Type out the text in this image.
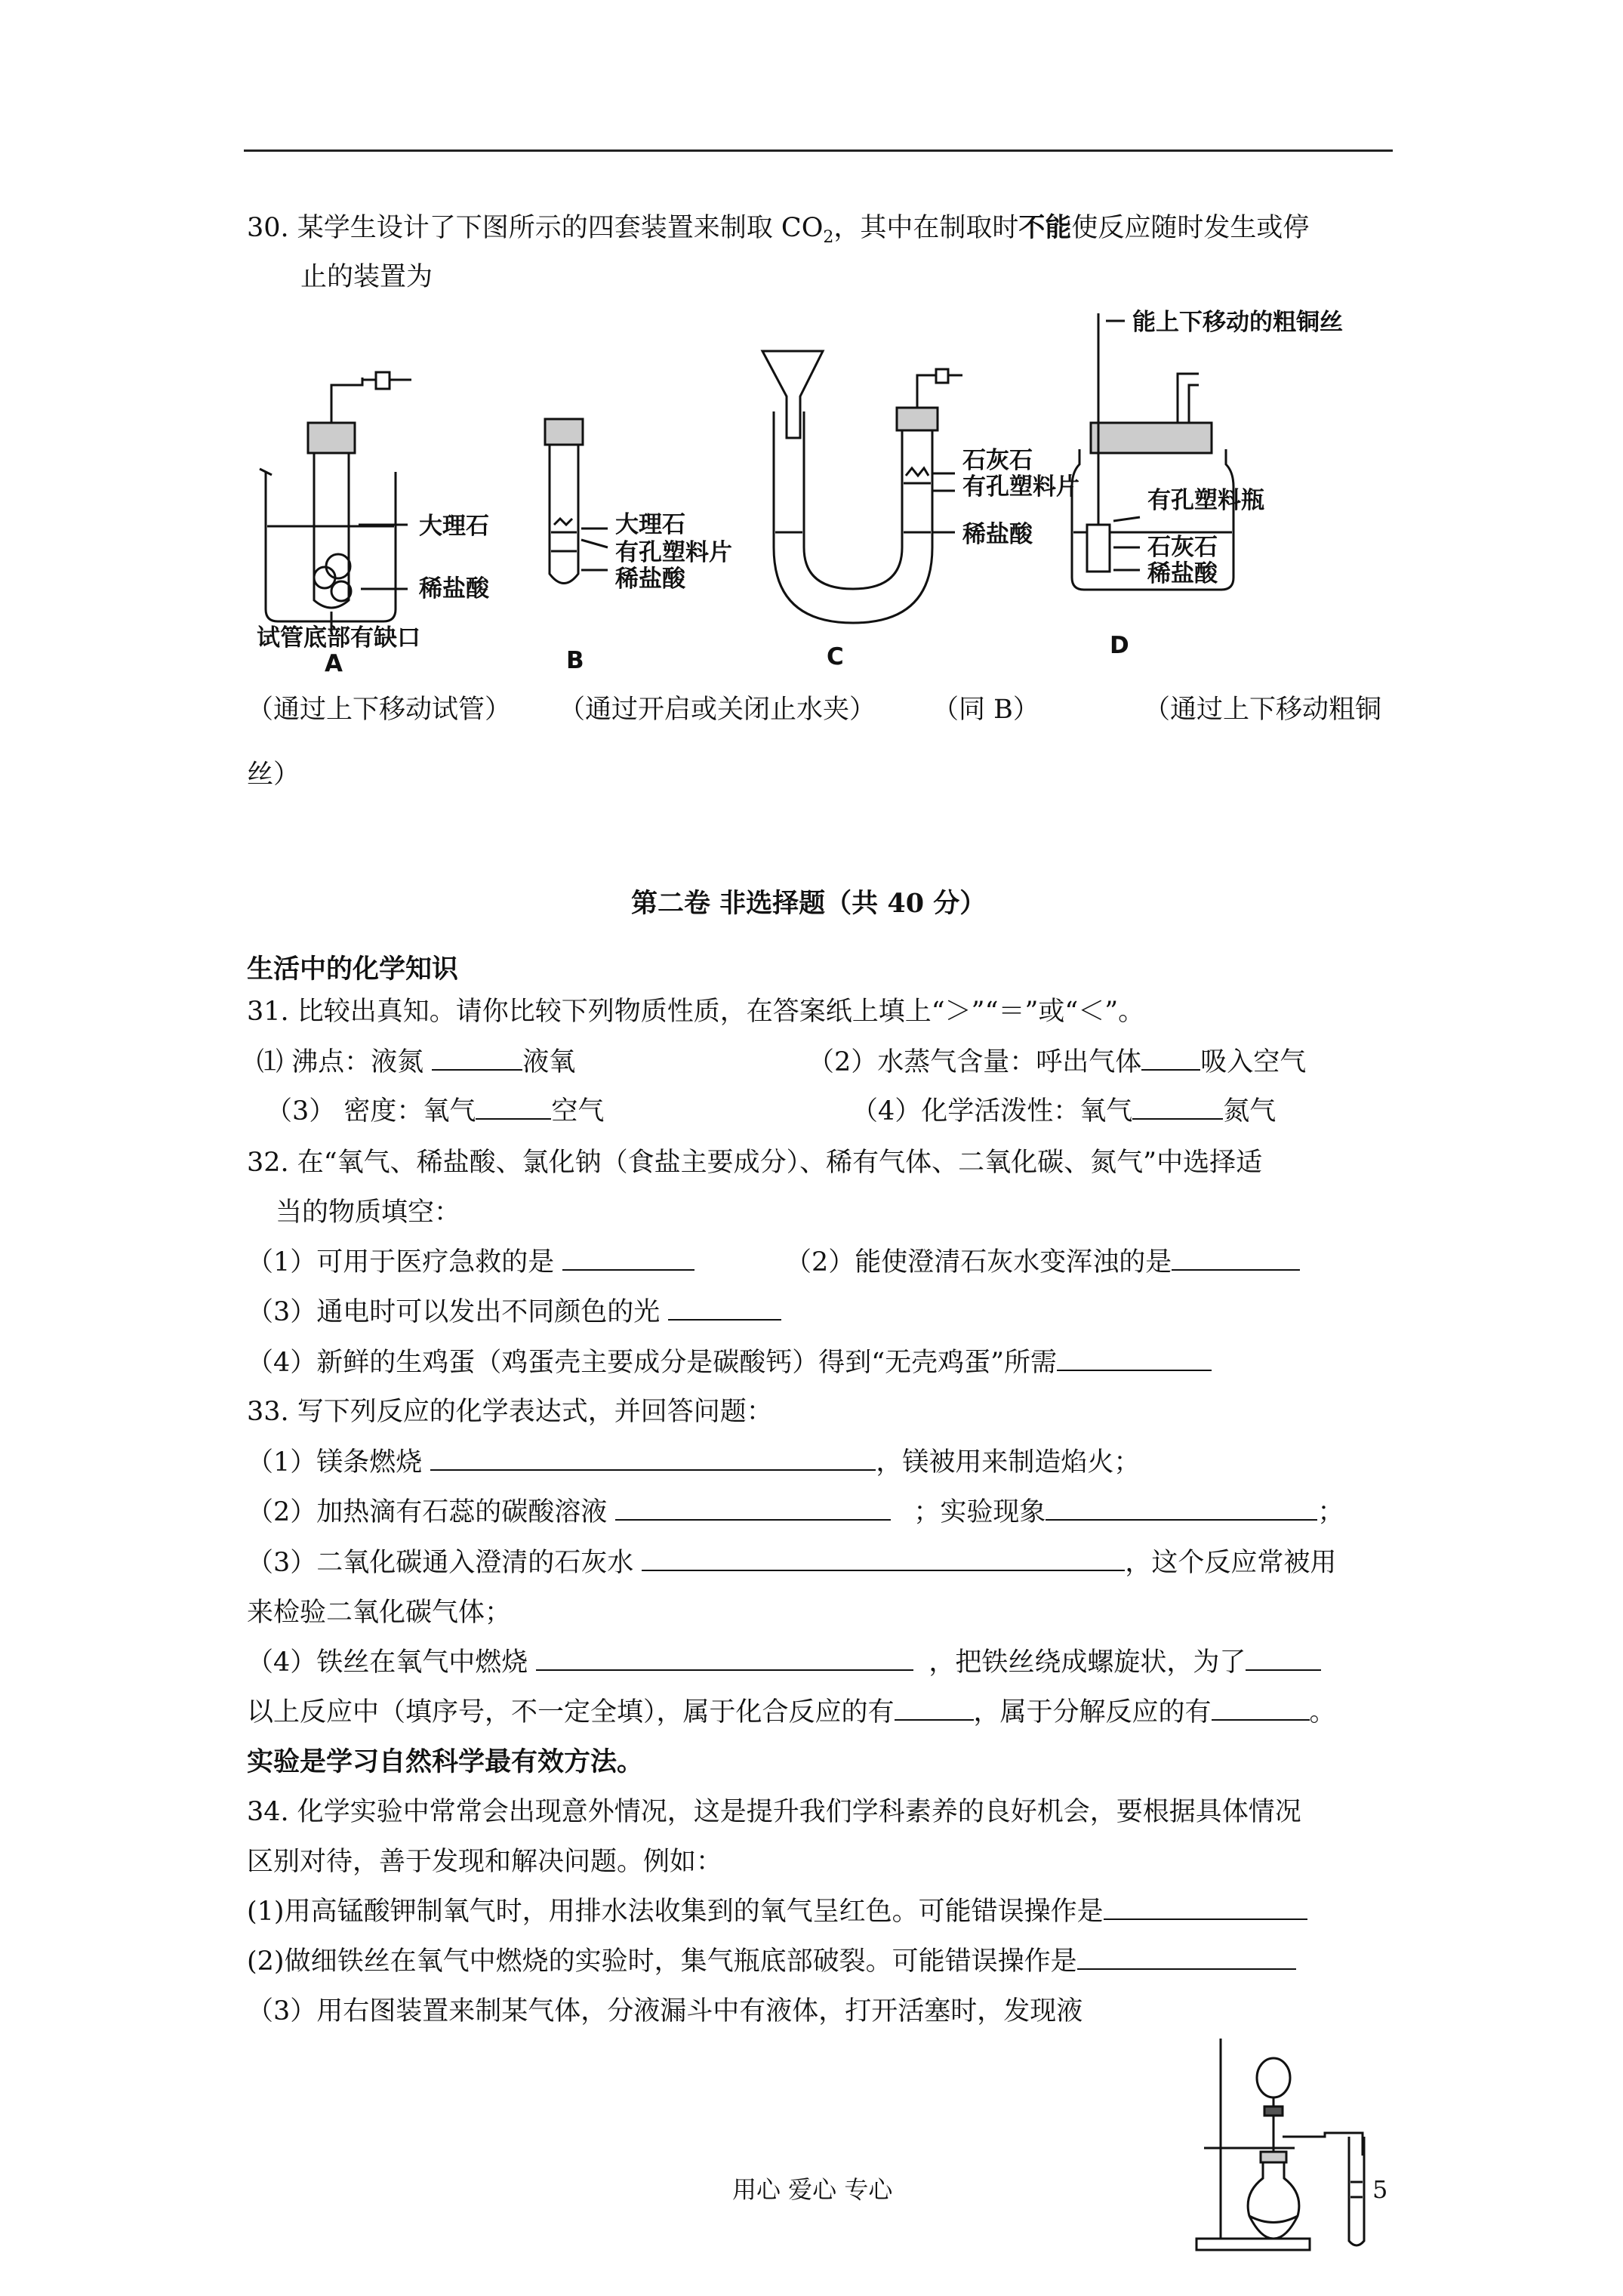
30. 某学生设计了下图所示的四套装置来制取 $CO_2$，其中在制取时不能使反应随时发生或停
止的装置为
大理石
稀盐酸
试管底部有缺口
A
大理石
有孔塑料片
稀盐酸
B
石灰石
有孔塑料片
稀盐酸
C
能上下移动的粗铜丝
有孔塑料瓶
石灰石
稀盐酸
D
（通过上下移动试管） （通过开启或关闭止水夹） （同 B）	（通过上下移动粗铜
丝）
第二卷 非选择题（共 40 分）
生活中的化学知识
31. 比较出真知。请你比较下列物质性质，在答案纸上填上“＞”“＝”或“＜”。
⑴ 沸点：液氮	液氧	（2）水蒸气含量：呼出气体 吸入空气
（3） 密度：氧气	空气	（4）化学活泼性：氧气	氮气
32. 在“氧气、稀盐酸、氯化钠（食盐主要成分）、稀有气体、二氧化碳、氮气”中选择适
当的物质填空：
（1）可用于医疗急救的是	（2）能使澄清石灰水变浑浊的是
（3）通电时可以发出不同颜色的光
（4）新鲜的生鸡蛋（鸡蛋壳主要成分是碳酸钙）得到“无壳鸡蛋”所需
33. 写下列反应的化学表达式，并回答问题：
（1）镁条燃烧	，镁被用来制造焰火；
（2）加热滴有石蕊的碳酸溶液	；实验现象	；
（3）二氧化碳通入澄清的石灰水	，这个反应常被用
来检验二氧化碳气体；
（4）铁丝在氧气中燃烧	，把铁丝绕成螺旋状，为了
以上反应中（填序号，不一定全填），属于化合反应的有	，属于分解反应的有	。
实验是学习自然科学最有效方法。
34. 化学实验中常常会出现意外情况，这是提升我们学科素养的良好机会，要根据具体情况
区别对待，善于发现和解决问题。例如：
(1)用高锰酸钾制氧气时，用排水法收集到的氧气呈红色。可能错误操作是
(2)做细铁丝在氧气中燃烧的实验时，集气瓶底部破裂。可能错误操作是
（3）用右图装置来制某气体，分液漏斗中有液体，打开活塞时，发现液
用心 爱心 专心	5
